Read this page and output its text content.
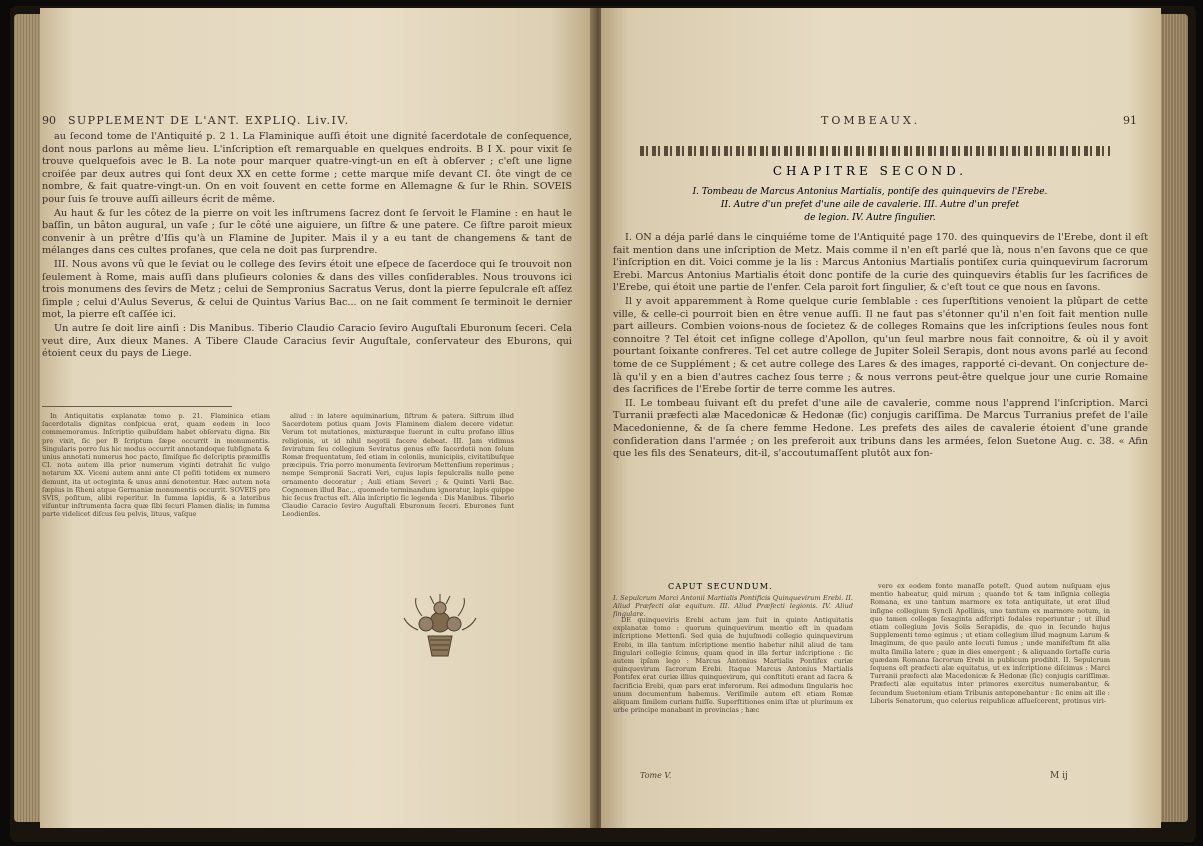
90 SUPPLEMENT DE L'ANT. EXPLIQ. Liv.IV.

au ſecond tome de l'Antiquité p. 2 1. La Flaminique auſſi étoit une dignité ſacerdotale de conſequence, dont nous parlons au même lieu. L'inſcription eſt remarquable en quelques endroits. B I X. pour vixit ſe trouve quelquefois avec le B. La note pour marquer quatre-vingt-un en eſt à obſerver ; c'eſt une ligne croiſée par deux autres qui ſont deux XX en cette forme ; cette marque miſe devant CI. ôte vingt de ce nombre, & fait quatre-vingt-un. On en voit ſouvent en cette forme en Allemagne & ſur le Rhin. SOVEIS pour ſuis ſe trouve auſſi ailleurs écrit de même.

Au haut & ſur les côtez de la pierre on voit les inſtrumens ſacrez dont ſe ſervoit le Flamine : en haut le baſſin, un bâton augural, un vaſe ; ſur le côté une aiguiere, un ſiſtre & une patere. Ce ſiſtre paroit mieux convenir à un prêtre d'Iſis qu'à un Flamine de Jupiter. Mais il y a eu tant de changemens & tant de mélanges dans ces cultes profanes, que cela ne doit pas ſurprendre.

III. Nous avons vû que le ſeviat ou le college des ſevirs étoit une eſpece de ſacerdoce qui ſe trouvoit non ſeulement à Rome, mais auſſi dans pluſieurs colonies & dans des villes conſiderables. Nous trouvons ici trois monumens des ſevirs de Metz ; celui de Sempronius Sacratus Verus, dont la pierre ſepulcrale eſt aſſez ſimple ; celui d'Aulus Severus, & celui de Quintus Varius Bac... on ne ſait comment ſe terminoit le dernier mot, la pierre eſt caſſée ici.

Un autre ſe doit lire ainſi : Dis Manibus. Tiberio Claudio Caracio ſeviro Auguſtali Eburonum ſeceri. Cela veut dire, Aux dieux Manes. A Tibere Claude Caracius ſevir Auguſtale, conſervateur des Eburons, qui étoient ceux du pays de Liege.

In Antiquitatis explanatæ tomo p. 21. Flaminica etiam ſacerdotalis dignitas conſpicua erat, quam eodem in loco commemoramus. Inſcriptio quibuſdam habet obſervatu digna. Bix pro vixit, ſic per B ſcriptum ſæpe occurrit in monumentis. Singularis porro ſus hic modus occurrit annotandoque ſubſignata & unius annotati numerus hoc pacto, ſimiſque fic deſcriptis præmiſſis CI. nota autem illa prior numerum viginti detrahit ſic vulgo notarum XX. Viceni autem anni ante CI poſiti totidem ex numero demunt, ita ut octoginta & unus anni denotentur. Hæc autem nota ſæpius in Rheni atque Germaniæ monumentis occurrit. SOVEIS pro SVIS, poſitum, alibi reperitur. In ſumma lapidis, & a lateribus viſuntur inſtrumenta ſacra quæ ſibi ſecuri Flamen dialis; in ſumma parte videlicet diſcus ſeu pelvis, lituus, vaſque

aliud : in latere aquiminarium, ſiſtrum & patera. Siſtrum illud Sacerdotem potius quam Jovis Flaminem dialem decere videtur. Verum tot mutationes, mixturæque ſuerunt in cultu profano illius religionis, ut id nihil negotii facere debeat. III. Jam vidimus ſeviratum ſeu collegium Seviratus genus eſſe ſacerdotii non ſolum Romæ frequentatum, ſed etiam in coloniis, municipiis, civitatibuſque præcipuis. Tria porro monumenta ſevirorum Mettenſium reperimus ; nempe Sempronii Sacrati Veri, cujus lapis ſepulcralis nullo pene ornamento decoratur ; Auli etiam Severi ; & Quinti Varii Bac. Cognomen illud Bac... quomodo terminandum ignoratur, lapis quippe hic ſecus fractus eſt. Alia inſcriptio ſic legenda : Dis Manibus. Tiberio Claudio Caracio ſeviro Auguſtali Eburonum ſeceri. Eburones ſunt Leodienſes.

TOMBEAUX.	91
CHAPITRE SECOND.
I. Tombeau de Marcus Antonius Martialis, pontiſe des quinquevirs de l'Erebe.
II. Autre d'un prefet d'une aile de cavalerie. III. Autre d'un prefet
de legion. IV. Autre ſingulier.

I. ON a déja parlé dans le cinquiéme tome de l'Antiquité page 170. des quinquevirs de l'Erebe, dont il eſt fait mention dans une inſcription de Metz. Mais comme il n'en eſt parlé que là, nous n'en ſavons que ce que l'inſcription en dit. Voici comme je la lis : Marcus Antonius Martialis pontiſex curia quinquevirum ſacrorum Erebi. Marcus Antonius Martialis étoit donc pontife de la curie des quinquevirs établis ſur les ſacrifices de l'Erebe, qui étoit une partie de l'enfer. Cela paroit fort ſingulier, & c'eſt tout ce que nous en ſavons.

Il y avoit apparemment à Rome quelque curie ſemblable : ces ſuperſtitions venoient la plûpart de cette ville, & celle-ci pourroit bien en être venue auſſi. Il ne faut pas s'étonner qu'il n'en ſoit fait mention nulle part ailleurs. Combien voions-nous de ſocietez & de colleges Romains que les inſcriptions ſeules nous font connoitre ? Tel étoit cet inſigne college d'Apollon, qu'un ſeul marbre nous fait connoitre, & où il y avoit pourtant ſoixante confreres. Tel cet autre college de Jupiter Soleil Serapis, dont nous avons parlé au ſecond tome de ce Supplément ; & cet autre college des Lares & des images, rapporté ci-devant. On conjecture de-là qu'il y en a bien d'autres cachez ſous terre ; & nous verrons peut-être quelque jour une curie Romaine des ſacrifices de l'Erebe ſortir de terre comme les autres.

II. Le tombeau ſuivant eſt du prefet d'une aile de cavalerie, comme nous l'apprend l'inſcription. Marci Turranii præfecti alæ Macedonicæ & Hedonæ (ſic) conjugis cariſſima. De Marcus Turranius prefet de l'aile Macedonienne, & de ſa chere femme Hedone. Les prefets des ailes de cavalerie étoient d'une grande conſideration dans l'armée ; on les preferoit aux tribuns dans les armées, ſelon Suetone Aug. c. 38. « Afin que les fils des Senateurs, dit-il, s'accoutumaſſent plutôt aux fon-

CAPUT SECUNDUM.

I. Sepulcrum Marci Antonii Martialis Pontificis Quinquevirum Erebi. II. Aliud Præfecti alæ equitum. III. Aliud Præfecti legionis. IV. Aliud ſingulare.

DE quinqueviris Erebi actum jam fuit in quinto Antiquitatis explanatæ tomo : quorum quinquevirum mentio eſt in quadam inſcriptione Mettenſi. Sed quia de hujuſmodi collegio quinquevirum Erebi, in illa tantum inſcriptione mentio habetur nihil aliud de tam ſingulari collegio ſcimus, quam quod in illa fertur inſcriptione : ſic autem ipſam lego : Marcus Antonius Martialis Pontifex curiæ quinquevirum ſacrorum Erebi. Itaque Marcus Antonius Martialis Pontifex erat curiæ illius quinquevirum, qui conſtituti erant ad ſacra & ſacrificia Erebi, quæ pars erat inferorum. Rei admodum ſingularis hoc unum documentum habemus. Veriſimile autem eſt etiam Romæ aliquam ſimilem curiam fuiſſe. Superſtitiones enim iſtæ ut plurimum ex urbe principe manabant in provincias ; hæc

vero ex eodem fonte manaſſe poteſt. Quod autem nuſquam ejus mentio habeatur, quid mirum ; quando tot & tam inſignia collegia Romana, ex uno tantum marmore ex tota antiquitate, ut erat illud inſigne collegium Syncli Apollinis, uno tantum ex marmore notum, in quo tamen collegæ ſexaginta adſcripti ſodales reperiuntur ; ut illud etiam collegium Jovis Solis Serapidis, de quo in ſecundo hujus Supplementi tomo egimus ; ut etiam collegium illud magnum Larum & Imaginum, de quo paulo ante locuti ſumus ; unde manifeſtum fit alia multa ſimilia latere ; quæ in dies emergent ; & aliquando ſortaſſe curia quædam Romana ſacrorum Erebi in publicum prodibit. II. Sepulcrum ſequens eſt præfecti alæ equitatus, ut ex inſcriptione diſcimus : Marci Turranii præfecti alæ Macedonicæ & Hedonæ (ſic) conjugis cariſſimæ. Præfecti alæ equitatus inter primores exercitus numerabantur, & ſecundum Suetonium etiam Tribunis anteponebantur : ſic enim ait ille : Liberis Senatorum, quo celerius reipublicæ aſſueſcerent, protinus viri-

Tome V.	M ij
